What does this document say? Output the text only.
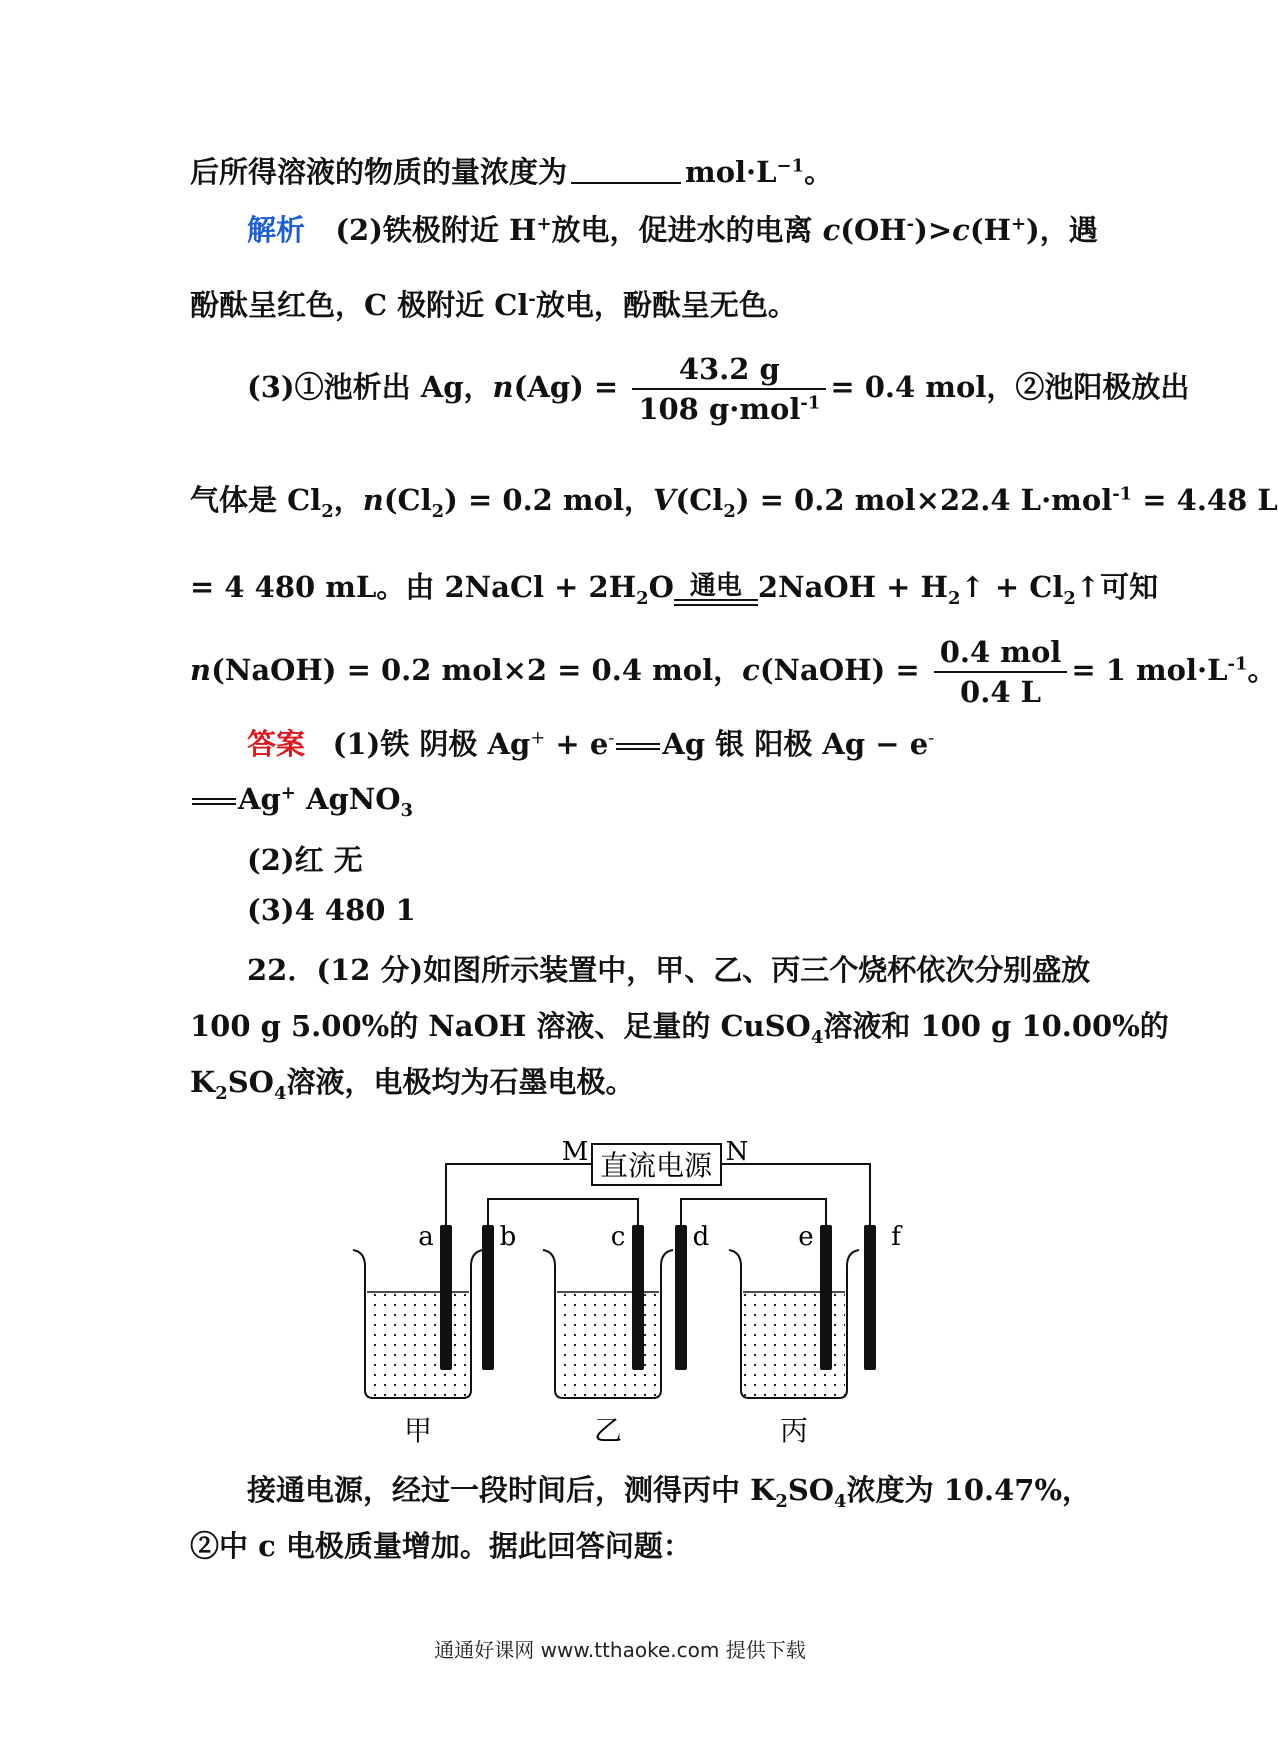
后所得溶液的物质的量浓度为	$mol\cdot L^{-1}$。
解析 (2)铁极附近 H+放电，促进水的电离 c(OH-)>c(H+)，遇
酚酞呈红色，C 极附近 Cl-放电，酚酞呈无色。
(3)①池析出 Ag，$n(Ag) = \frac{43.2 g}{108 g\cdot mol^{-1}} = 0.4$ mol，②池阳极放出
气体是 $Cl_2$，$n(Cl_2) = 0.2$ mol，$V(Cl_2) = 0.2$ mol×22.4 L·mol$^{-1}$ = 4.48 L
= 4 480 mL。由 2NaCl + $2H_2O$ 通电 2NaOH + $H_2↑$ + $Cl_2↑$可知
n(NaOH) = 0.2 mol×2 = 0.4 mol，c(NaOH) = $\frac{\text{0.4 mol}}{0.4 L} = 1$ $mol\cdot L^{-1}$。
答案 (1)铁 阴极 Ag+ + e- Ag 银 阳极 Ag − e-
Ag+ AgNO$_3$
(2)红 无
(3)4 480 1
22．(12 分)如图所示装置中，甲、乙、丙三个烧杯依次分别盛放
100 g 5.00%的 NaOH 溶液、足量的 CuSO$_4$溶液和 100 g 10.00%的
$K_2SO_4$溶液，电极均为石墨电极。
直流电源
M	N
甲	乙	丙
a	b	c	d	e	f
接通电源，经过一段时间后，测得丙中 $K_2SO_4$浓度为 10.47%，
②中 c 电极质量增加。据此回答问题：
通通好课网 www.tthaoke.com 提供下载
